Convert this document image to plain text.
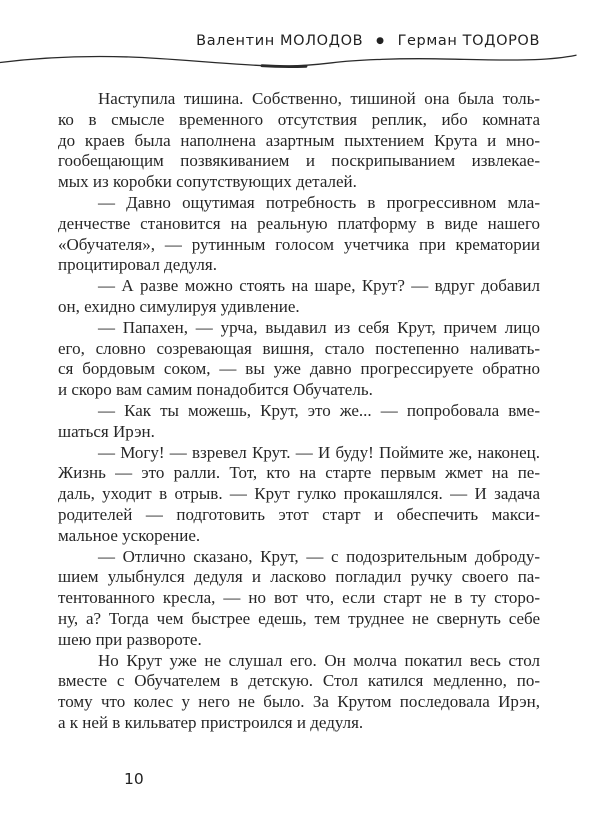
Валентин МОЛОДОВ ● Герман ТОДОРОВ
Наступила тишина. Собственно, тишиной она была толь-
ко в смысле временного отсутствия реплик, ибо комната
до краев была наполнена азартным пыхтением Крута и мно-
гообещающим позвякиванием и поскрипыванием извлекае-
мых из коробки сопутствующих деталей.
— Давно ощутимая потребность в прогрессивном мла-
денчестве становится на реальную платформу в виде нашего
«Обучателя», — рутинным голосом учетчика при крематории
процитировал дедуля.
— А разве можно стоять на шаре, Крут? — вдруг добавил
он, ехидно симулируя удивление.
— Папахен, — урча, выдавил из себя Крут, причем лицо
его, словно созревающая вишня, стало постепенно наливать-
ся бордовым соком, — вы уже давно прогрессируете обратно
и скоро вам самим понадобится Обучатель.
— Как ты можешь, Крут, это же... — попробовала вме-
шаться Ирэн.
— Могу! — взревел Крут. — И буду! Поймите же, наконец.
Жизнь — это ралли. Тот, кто на старте первым жмет на пе-
даль, уходит в отрыв. — Крут гулко прокашлялся. — И задача
родителей — подготовить этот старт и обеспечить макси-
мальное ускорение.
— Отлично сказано, Крут, — с подозрительным доброду-
шием улыбнулся дедуля и ласково погладил ручку своего па-
тентованного кресла, — но вот что, если старт не в ту сторо-
ну, а? Тогда чем быстрее едешь, тем труднее не свернуть себе
шею при развороте.
Но Крут уже не слушал его. Он молча покатил весь стол
вместе с Обучателем в детскую. Стол катился медленно, по-
тому что колес у него не было. За Крутом последовала Ирэн,
а к ней в кильватер пристроился и дедуля.
10
